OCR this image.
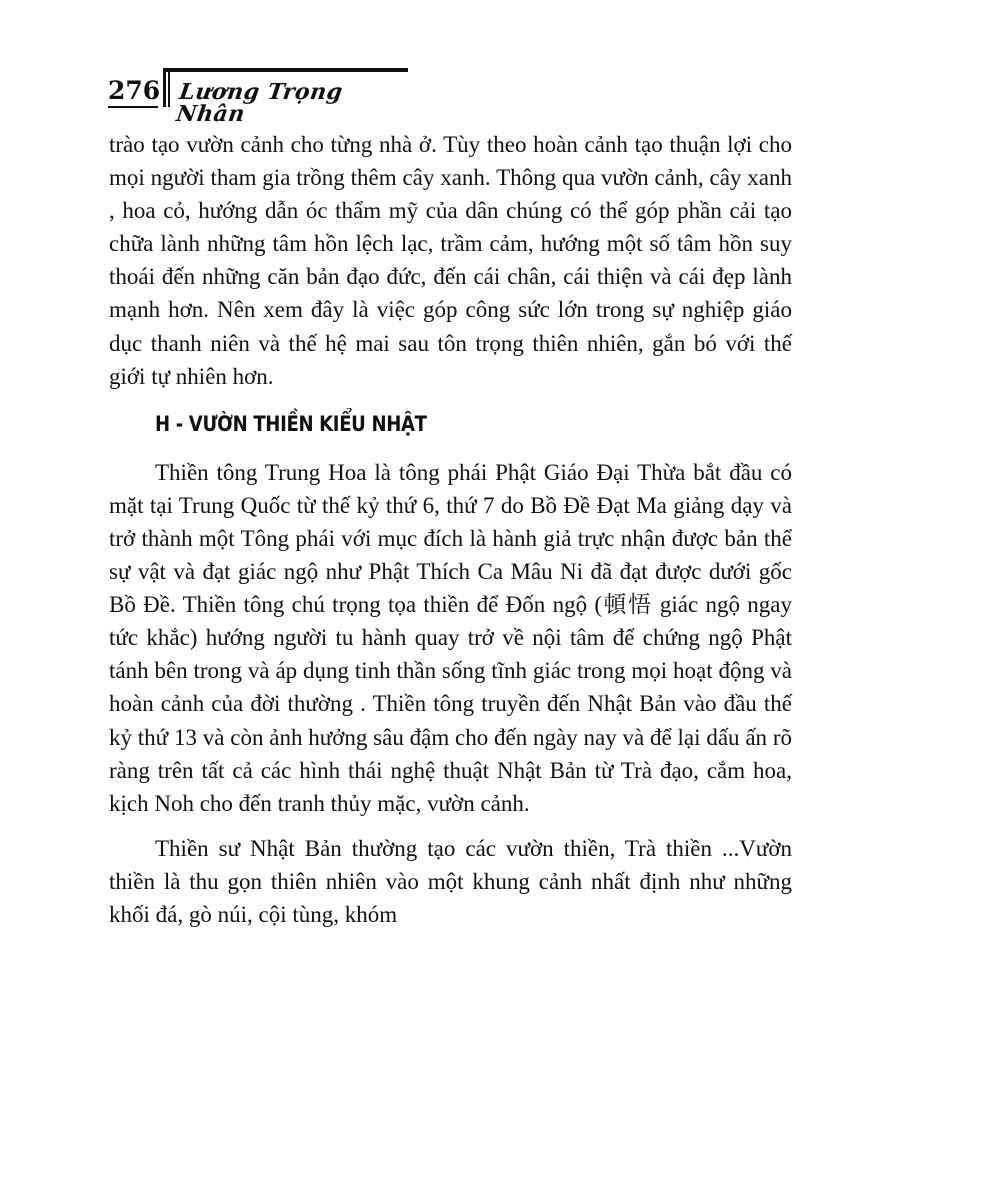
276 Lương Trọng Nhân

trào tạo vườn cảnh cho từng nhà ở. Tùy theo hoàn cảnh tạo thuận lợi cho mọi người tham gia trồng thêm cây xanh. Thông qua vườn cảnh, cây xanh , hoa cỏ, hướng dẫn óc thẩm mỹ của dân chúng có thể góp phần cải tạo chữa lành những tâm hồn lệch lạc, trầm cảm, hướng một số tâm hồn suy thoái đến những căn bản đạo đức, đến cái chân, cái thiện và cái đẹp lành mạnh hơn. Nên xem đây là việc góp công sức lớn trong sự nghiệp giáo dục thanh niên và thế hệ mai sau tôn trọng thiên nhiên, gắn bó với thế giới tự nhiên hơn.

H - VƯỜN THIỀN KIỂU NHẬT

Thiền tông Trung Hoa là tông phái Phật Giáo Đại Thừa bắt đầu có mặt tại Trung Quốc từ thế kỷ thứ 6, thứ 7 do Bồ Đề Đạt Ma giảng dạy và trở thành một Tông phái với mục đích là hành giả trực nhận được bản thể sự vật và đạt giác ngộ như Phật Thích Ca Mâu Ni đã đạt được dưới gốc Bồ Đề. Thiền tông chú trọng tọa thiền để Đốn ngộ (頓悟 giác ngộ ngay tức khắc) hướng người tu hành quay trở về nội tâm để chứng ngộ Phật tánh bên trong và áp dụng tinh thần sống tĩnh giác trong mọi hoạt động và hoàn cảnh của đời thường . Thiền tông truyền đến Nhật Bản vào đầu thế kỷ thứ 13 và còn ảnh hưởng sâu đậm cho đến ngày nay và để lại dấu ấn rõ ràng trên tất cả các hình thái nghệ thuật Nhật Bản từ Trà đạo, cắm hoa, kịch Noh cho đến tranh thủy mặc, vườn cảnh.

Thiền sư Nhật Bản thường tạo các vườn thiền, Trà thiền ...Vườn thiền là thu gọn thiên nhiên vào một khung cảnh nhất định như những khối đá, gò núi, cội tùng, khóm
